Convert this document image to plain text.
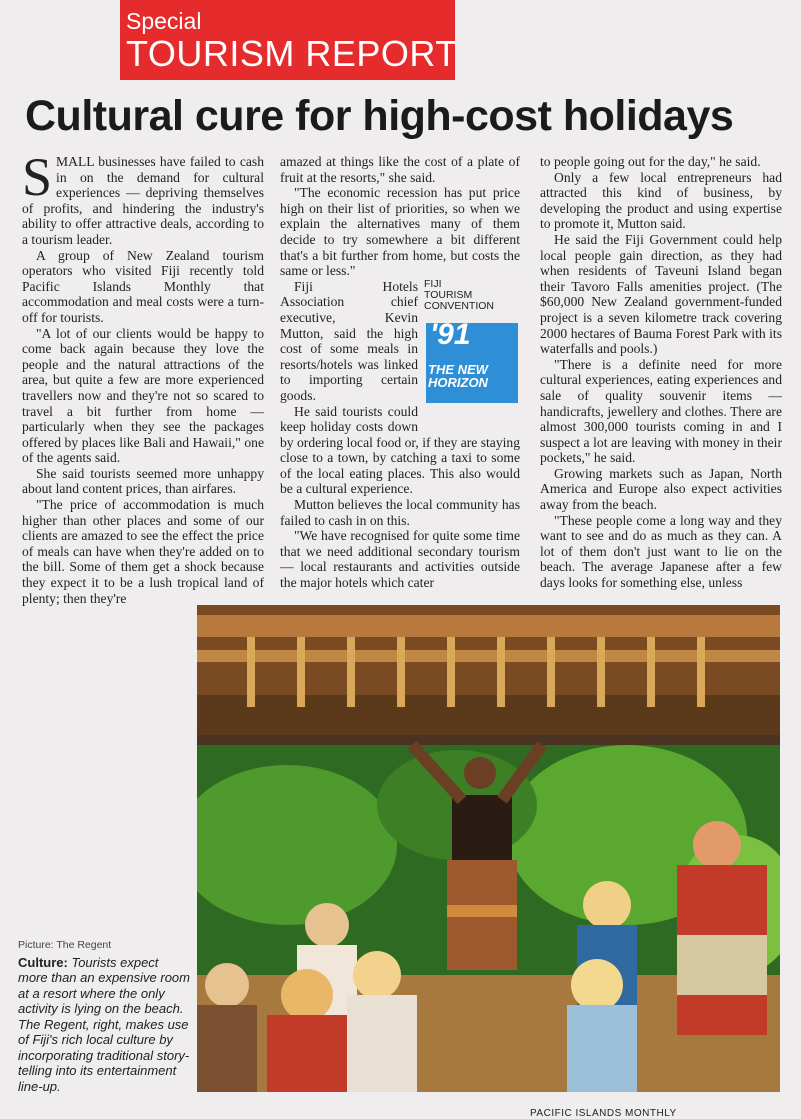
Special
TOURISM REPORT
Cultural cure for high-cost holidays

SMALL businesses have failed to cash in on the demand for cultural experiences — depriving themselves of profits, and hindering the industry's ability to offer attractive deals, according to a tourism leader.

A group of New Zealand tourism operators who visited Fiji recently told Pacific Islands Monthly that accommodation and meal costs were a turn-off for tourists.

"A lot of our clients would be happy to come back again because they love the people and the natural attractions of the area, but quite a few are more experienced travellers now and they're not so scared to travel a bit further from home — particularly when they see the packages offered by places like Bali and Hawaii," one of the agents said.

She said tourists seemed more unhappy about land content prices, than airfares.

"The price of accommodation is much higher than other places and some of our clients are amazed to see the effect the price of meals can have when they're added on to the bill. Some of them get a shock because they expect it to be a lush tropical land of plenty; then they're

amazed at things like the cost of a plate of fruit at the resorts," she said.

"The economic recession has put price high on their list of priorities, so when we explain the alternatives many of them decide to try somewhere a bit different that's a bit further from home, but costs the same or less."

FIJI
TOURISM
CONVENTION
'91
THE NEW
HORIZON

Fiji Hotels Association chief executive, Kevin Mutton, said the high cost of some meals in resorts/hotels was linked to importing certain goods.

He said tourists could keep holiday costs down by ordering local food or, if they are staying close to a town, by catching a taxi to some of the local eating places. This also would be a cultural experience.

Mutton believes the local community has failed to cash in on this.

"We have recognised for quite some time that we need additional secondary tourism — local restaurants and activities outside the major hotels which cater

to people going out for the day," he said.

Only a few local entrepreneurs had attracted this kind of business, by developing the product and using expertise to promote it, Mutton said.

He said the Fiji Government could help local people gain direction, as they had when residents of Taveuni Island began their Tavoro Falls amenities project. (The $60,000 New Zealand government-funded project is a seven kilometre track covering 2000 hectares of Bauma Forest Park with its waterfalls and pools.)

"There is a definite need for more cultural experiences, eating experiences and sale of quality souvenir items — handicrafts, jewellery and clothes. There are almost 300,000 tourists coming in and I suspect a lot are leaving with money in their pockets," he said.

Growing markets such as Japan, North America and Europe also expect activities away from the beach.

"These people come a long way and they want to see and do as much as they can. A lot of them don't just want to lie on the beach. The average Japanese after a few days looks for something else, unless

Picture: The Regent
Culture: Tourists expect more than an expensive room at a resort where the only activity is lying on the beach. The Regent, right, makes use of Fiji's rich local culture by incorporating traditional story-telling into its entertainment line-up.
PACIFIC ISLANDS MONTHLY
